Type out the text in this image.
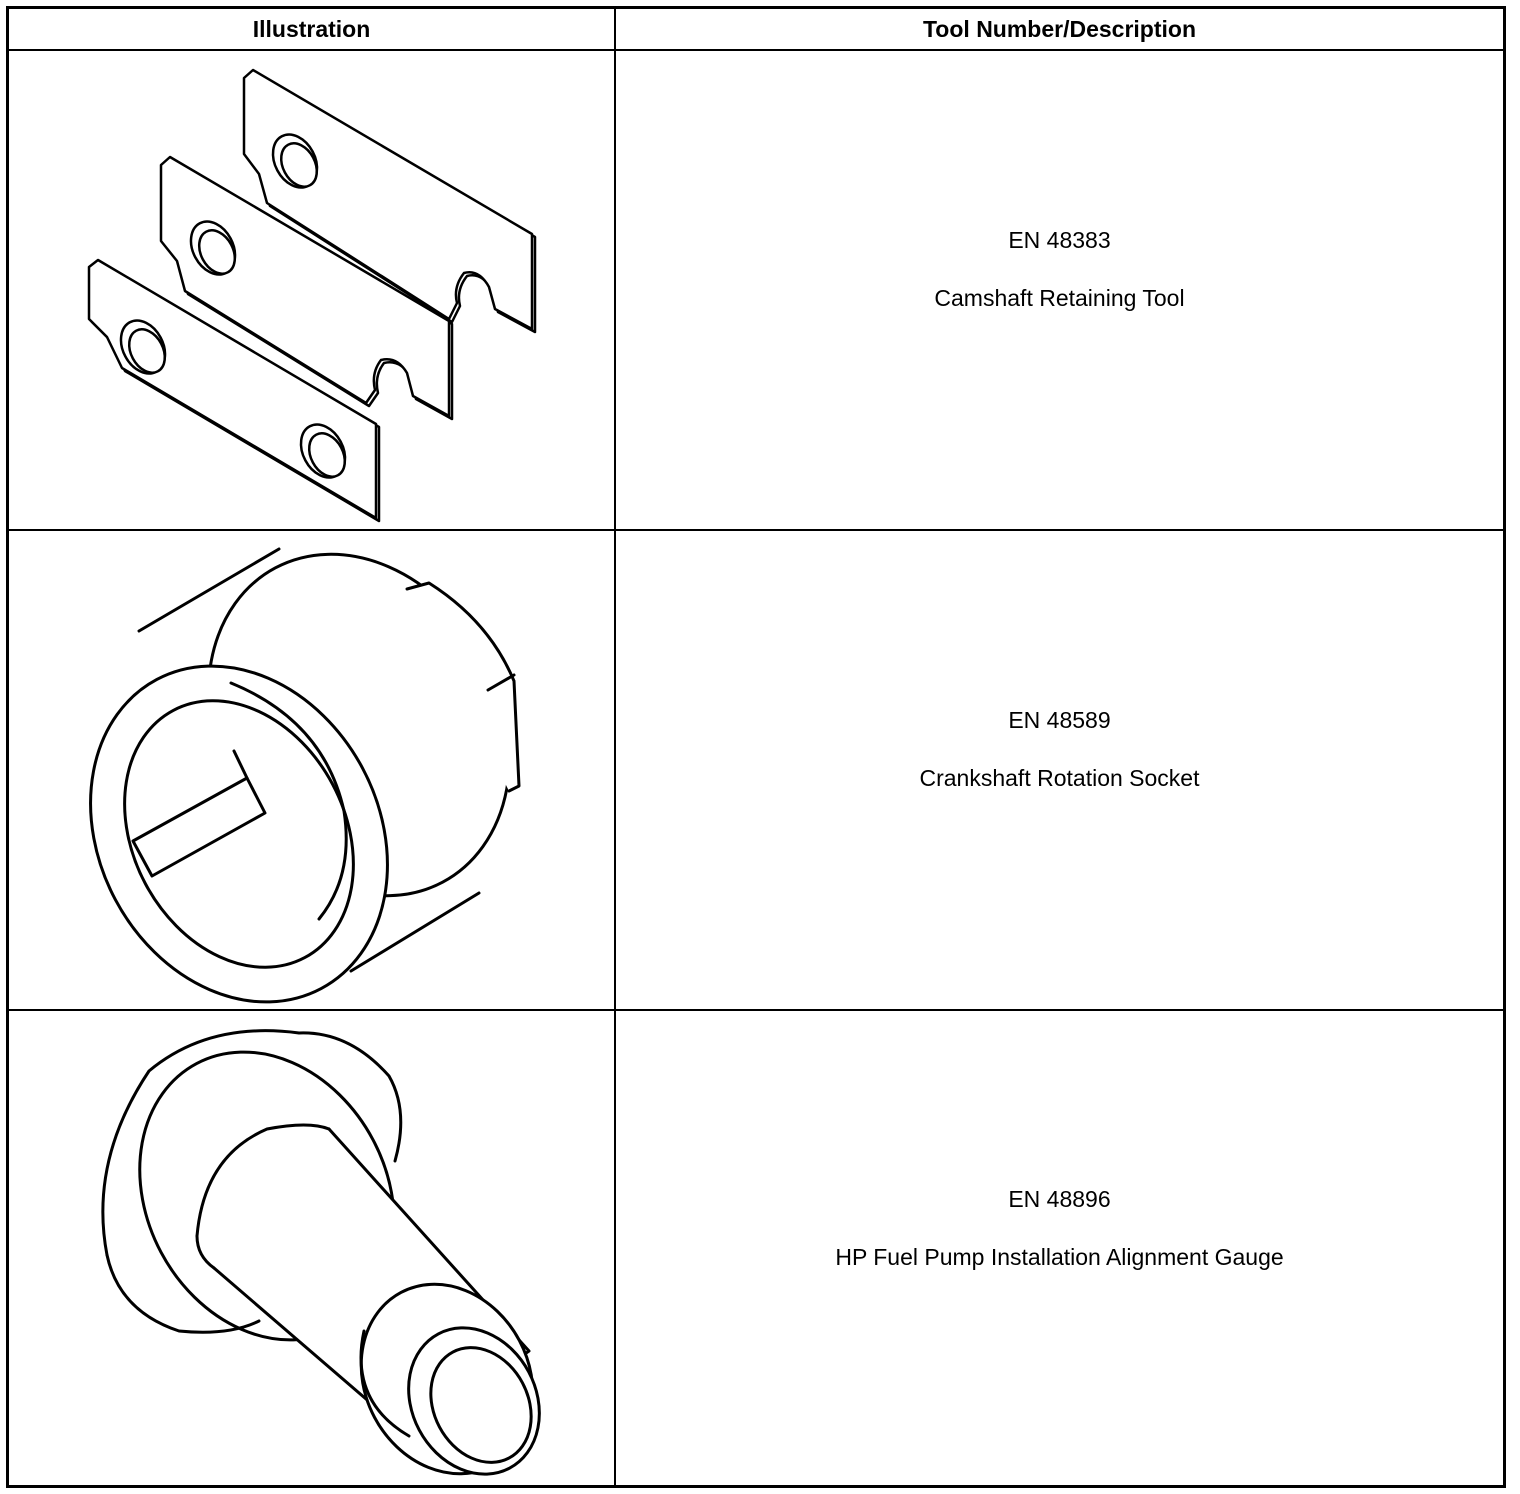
Illustration	Tool Number/Description
EN 48383
Camshaft Retaining Tool
EN 48589
Crankshaft Rotation Socket
EN 48896
HP Fuel Pump Installation Alignment Gauge
